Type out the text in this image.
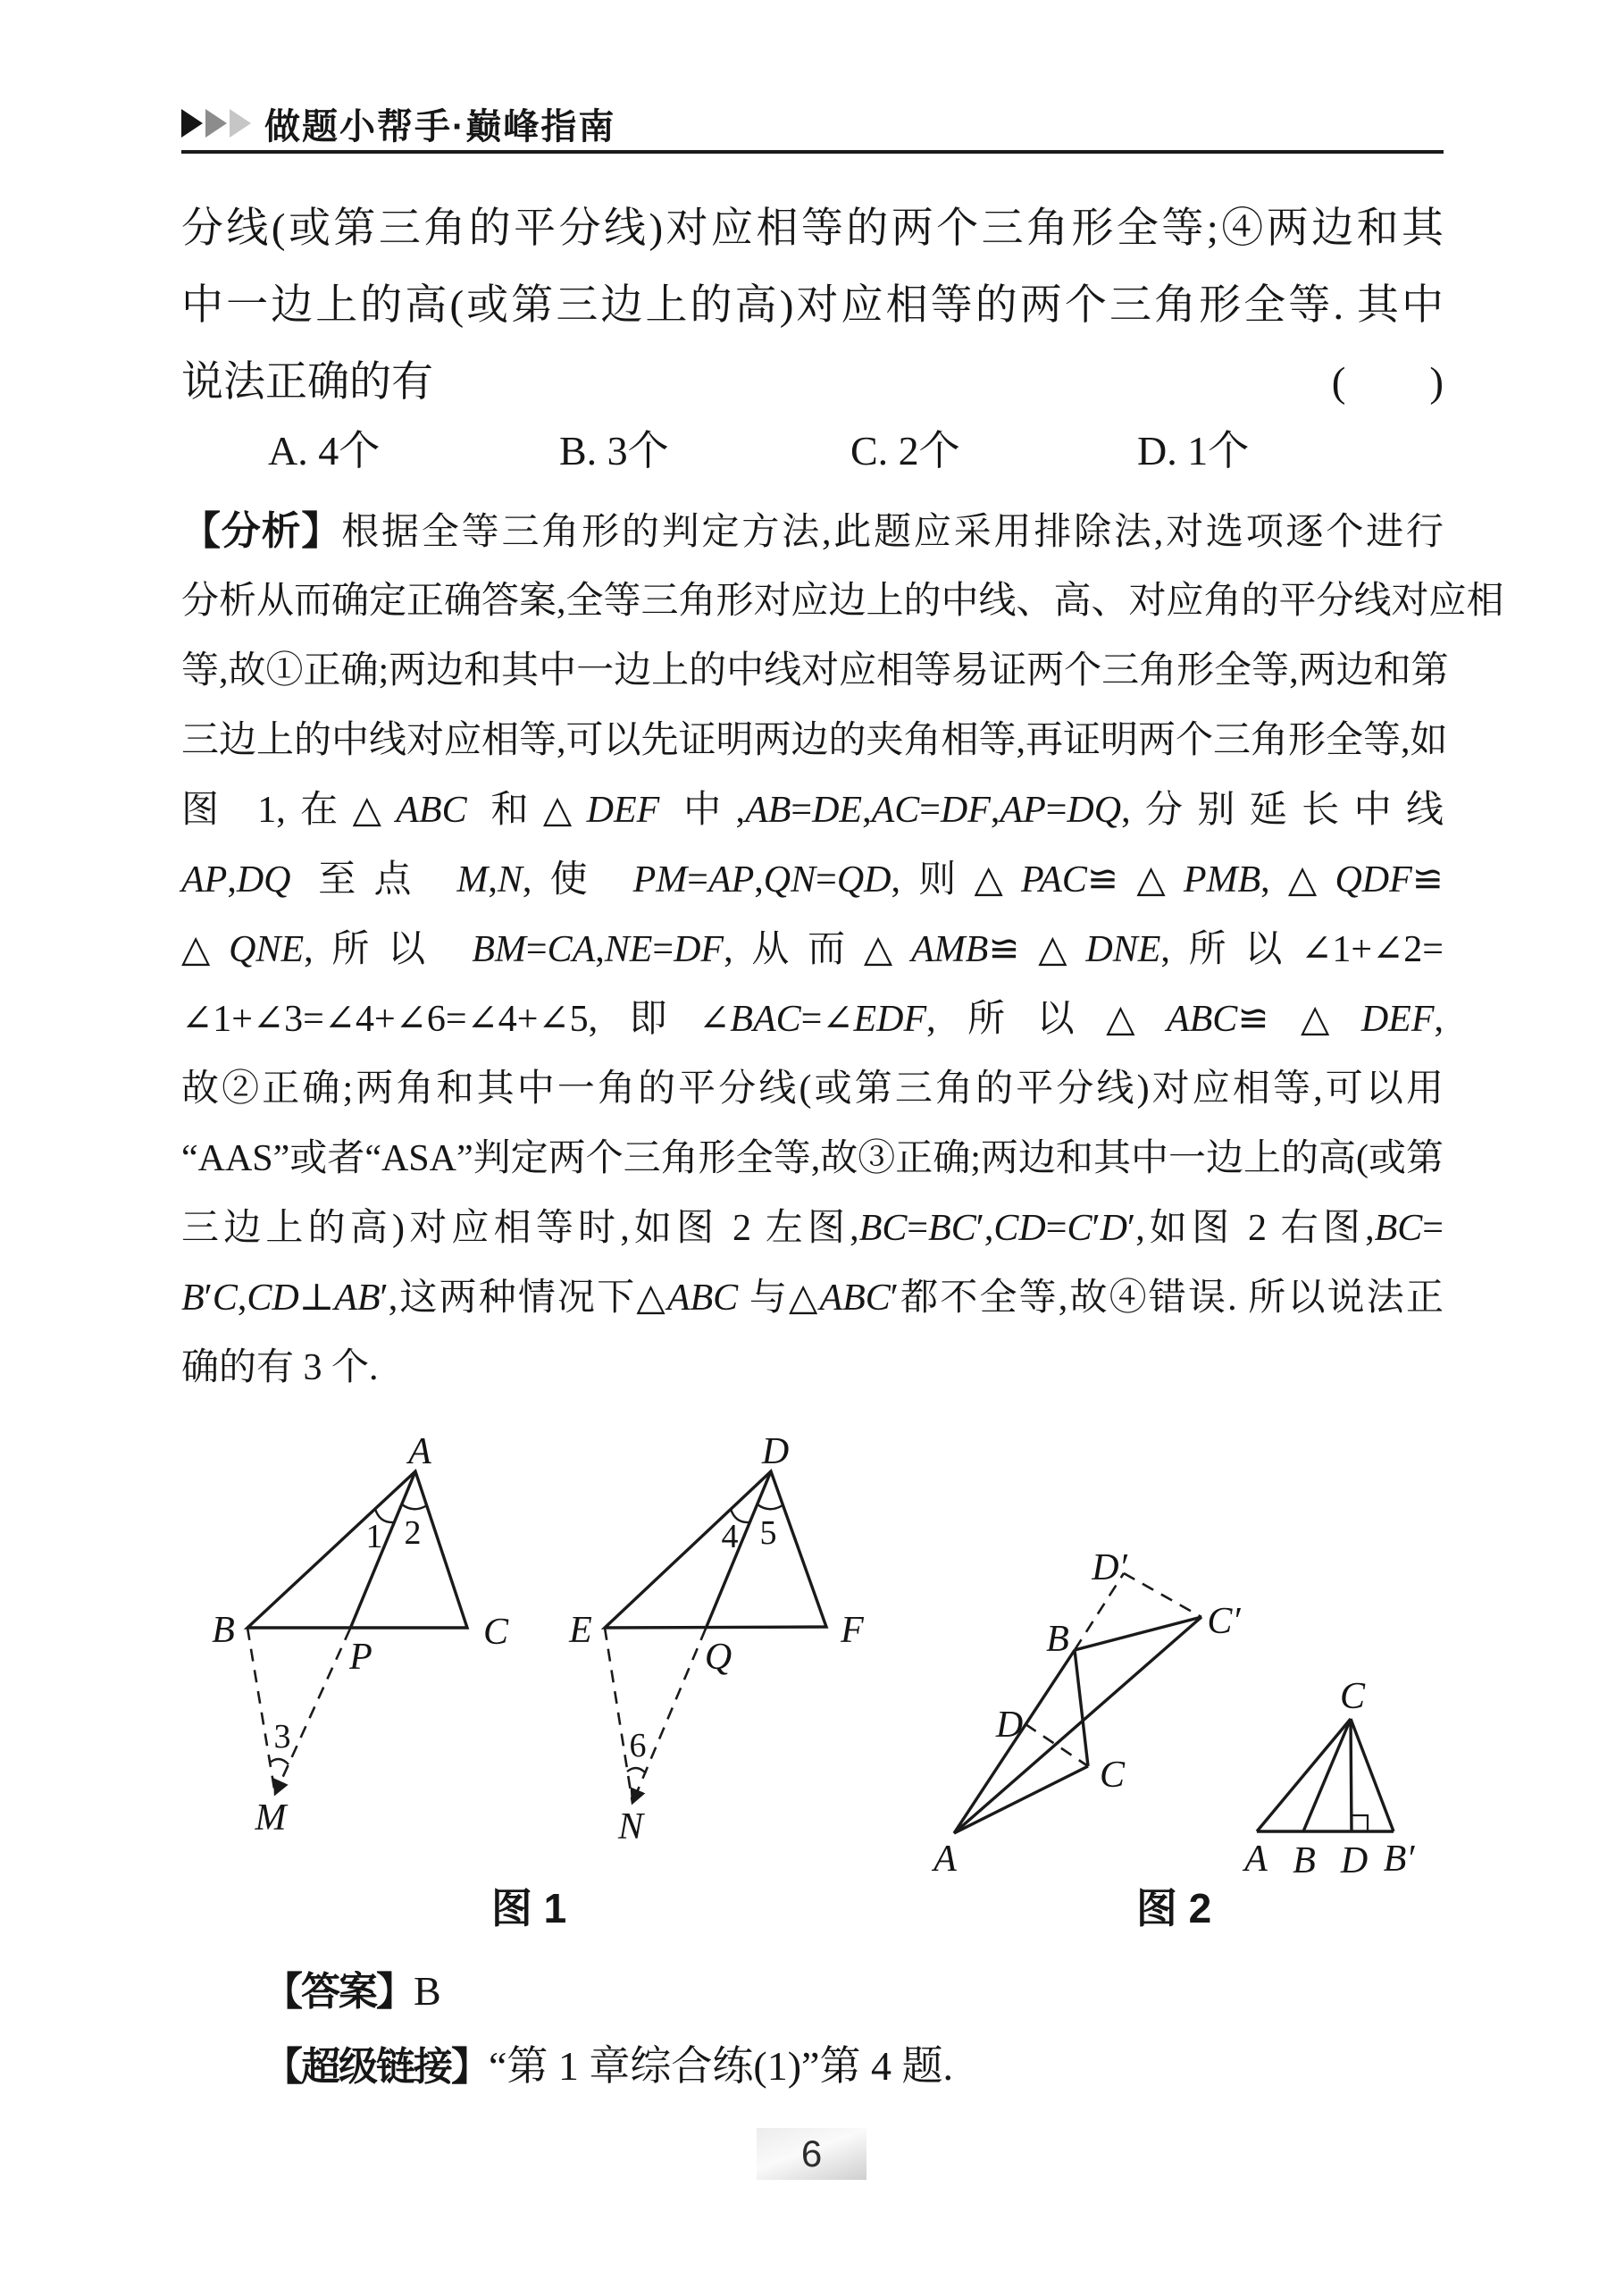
做题小帮手·巅峰指南
分线(或第三角的平分线)对应相等的两个三角形全等;④两边和其
中一边上的高(或第三边上的高)对应相等的两个三角形全等. 其中
说法正确的有	(        )
A. 4个	B. 3个	C. 2个	D. 1个
【分析】根据全等三角形的判定方法,此题应采用排除法,对选项逐个进行
分析从而确定正确答案,全等三角形对应边上的中线、高、对应角的平分线对应相
等,故①正确;两边和其中一边上的中线对应相等易证两个三角形全等,两边和第
三边上的中线对应相等,可以先证明两边的夹角相等,再证明两个三角形全等,如
图 1,在△ABC 和△DEF 中,AB=DE,AC=DF,AP=DQ,分别延长中线
AP,DQ 至点 M,N,使 PM=AP,QN=QD,则△PAC≌△PMB,△QDF≌
△QNE,所以 BM=CA,NE=DF,从而△AMB≌△DNE,所以∠1+∠2=
∠1+∠3=∠4+∠6=∠4+∠5,即∠BAC=∠EDF,所以△ABC≌△DEF,
故②正确;两角和其中一角的平分线(或第三角的平分线)对应相等,可以用
“AAS”或者“ASA”判定两个三角形全等,故③正确;两边和其中一边上的高(或第
三边上的高)对应相等时,如图 2 左图,BC=BC′,CD=C′D′,如图 2 右图,BC=
B′C,CD⊥AB′,这两种情况下△ABC 与△ABC′都不全等,故④错误. 所以说法正
确的有 3 个.
A
B	C
P
M
1 2
3
D
E	F
Q
N
4 5
6
A
B
C
D
D′
C′
C
A B D B′
图 1	图 2
【答案】B
【超级链接】“第 1 章综合练(1)”第 4 题.
6
